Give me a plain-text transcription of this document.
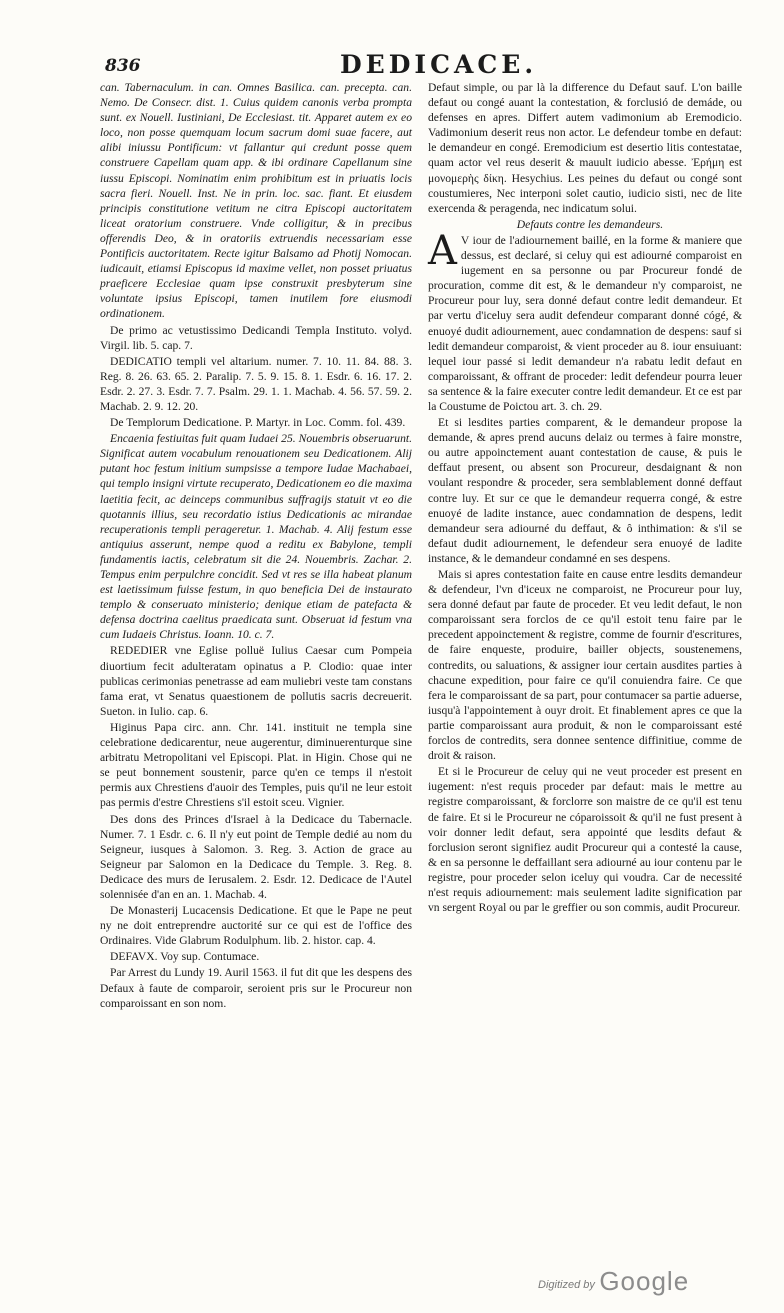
836	DEDICACE.

can. Tabernaculum. in can. Omnes Basilica. can. precepta. can. Nemo. De Consecr. dist. 1. Cuius quidem canonis verba prompta sunt. ex Nouell. Iustiniani, De Ecclesiast. tit. Apparet autem ex eo loco, non posse quemquam locum sacrum domi suae facere, aut alibi iniussu Pontificum: vt fallantur qui credunt posse quem construere Capellam quam app. & ibi ordinare Capellanum sine iussu Episcopi. Nominatim enim prohibitum est in priuatis locis sacra fieri. Nouell. Inst. Ne in prin. loc. sac. fiant. Et eiusdem principis constitutione vetitum ne citra Episcopi auctoritatem liceat oratorium construere. Vnde colligitur, & in precibus offerendis Deo, & in oratoriis extruendis necessariam esse Pontificis auctoritatem. Recte igitur Balsamo ad Photij Nomocan. iudicauit, etiamsi Episcopus id maxime vellet, non posset priuatus praeficere Ecclesiae quam ipse construxit presbyterum sine voluntate ipsius Episcopi, tamen inutilem fore eiusmodi ordinationem.

De primo ac vetustissimo Dedicandi Templa Instituto. volyd. Virgil. lib. 5. cap. 7.

DEDICATIO templi vel altarium. numer. 7. 10. 11. 84. 88. 3. Reg. 8. 26. 63. 65. 2. Paralip. 7. 5. 9. 15. 8. 1. Esdr. 6. 16. 17. 2. Esdr. 2. 27. 3. Esdr. 7. 7. Psalm. 29. 1. 1. Machab. 4. 56. 57. 59. 2. Machab. 2. 9. 12. 20.

De Templorum Dedicatione. P. Martyr. in Loc. Comm. fol. 439.

Encaenia festiuitas fuit quam Iudaei 25. Nouembris obseruarunt. Significat autem vocabulum renouationem seu Dedicationem. Alij putant hoc festum initium sumpsisse a tempore Iudae Machabaei, qui templo insigni virtute recuperato, Dedicationem eo die maxima laetitia fecit, ac deinceps communibus suffragijs statuit vt eo die quotannis illius, seu recordatio istius Dedicationis ac mirandae recuperationis templi perageretur. 1. Machab. 4. Alij festum esse antiquius asserunt, nempe quod a reditu ex Babylone, templi fundamentis iactis, celebratum sit die 24. Nouembris. Zachar. 2. Tempus enim perpulchre concidit. Sed vt res se illa habeat planum est laetissimum fuisse festum, in quo beneficia Dei de instaurato templo & conseruato ministerio; denique etiam de patefacta & defensa doctrina caelitus praedicata sunt. Obseruat id festum vna cum Iudaeis Christus. Ioann. 10. c. 7.

REDEDIER vne Eglise polluë Iulius Caesar cum Pompeia diuortium fecit adulteratam opinatus a P. Clodio: quae inter publicas cerimonias penetrasse ad eam muliebri veste tam constans fama erat, vt Senatus quaestionem de pollutis sacris decreuerit. Sueton. in Iulio. cap. 6.

Higinus Papa circ. ann. Chr. 141. instituit ne templa sine celebratione dedicarentur, neue augerentur, diminuerenturque sine arbitratu Metropolitani vel Episcopi. Plat. in Higin. Chose qui ne se peut bonnement soustenir, parce qu'en ce temps il n'estoit permis aux Chrestiens d'auoir des Temples, puis qu'il ne leur estoit pas permis d'estre Chrestiens s'il estoit sceu. Vignier.

Des dons des Princes d'Israel à la Dedicace du Tabernacle. Numer. 7. 1 Esdr. c. 6. Il n'y eut point de Temple dedié au nom du Seigneur, iusques à Salomon. 3. Reg. 3. Action de grace au Seigneur par Salomon en la Dedicace du Temple. 3. Reg. 8. Dedicace des murs de Ierusalem. 2. Esdr. 12. Dedicace de l'Autel solennisée d'an en an. 1. Machab. 4.

De Monasterij Lucacensis Dedicatione. Et que le Pape ne peut ny ne doit entreprendre auctorité sur ce qui est de l'office des Ordinaires. Vide Glabrum Rodulphum. lib. 2. histor. cap. 4.

DEFAVX. Voy sup. Contumace.

Par Arrest du Lundy 19. Auril 1563. il fut dit que les despens des Defaux à faute de comparoir, seroient pris sur le Procureur non comparoissant en son nom.

Defaut simple, ou par là la difference du Defaut sauf. L'on baille defaut ou congé auant la contestation, & forclusió de demáde, ou defenses en apres. Differt autem vadimonium ab Eremodicio. Vadimonium deserit reus non actor. Le defendeur tombe en defaut: le demandeur en congé. Eremodicium est desertio litis contestatae, quam actor vel reus deserit & mauult iudicio abesse. Ἐρήμη est μονομερὴς δίκη. Hesychius. Les peines du defaut ou congé sont coustumieres, Nec interponi solet cautio, iudicio sisti, nec de lite exercenda & peragenda, nec indicatum solui.

Defauts contre les demandeurs.

A V iour de l'adiournement baillé, en la forme & maniere que dessus, est declaré, si celuy qui est adiourné comparoist en iugement en sa personne ou par Procureur fondé de procuration, comme dit est, & le demandeur n'y comparoist, ne Procureur pour luy, sera donné defaut contre ledit demandeur. Et par vertu d'iceluy sera audit defendeur comparant donné cógé, & enuoyé dudit adiournement, auec condamnation de despens: sauf si ledit demandeur comparoist, & vient proceder au 8. iour ensuiuant: lequel iour passé si ledit demandeur n'a rabatu ledit defaut en comparoissant, & offrant de proceder: ledit defendeur pourra leuer sa sentence & la faire executer contre ledit demandeur. Et ce est par la Coustume de Poictou art. 3. ch. 29.

Et si lesdites parties comparent, & le demandeur propose la demande, & apres prend aucuns delaiz ou termes à faire monstre, ou autre appoinctement auant contestation de cause, & puis le deffaut present, ou absent son Procureur, desdaignant & non voulant respondre & proceder, sera semblablement donné deffaut contre luy. Et sur ce que le demandeur requerra congé, & estre enuoyé de ladite instance, auec condamnation de despens, ledit demandeur sera adiourné du deffaut, & ô inthimation: & s'il se defaut dudit adiournement, le defendeur sera enuoyé de ladite instance, & le demandeur condamné en ses despens.

Mais si apres contestation faite en cause entre lesdits demandeur & defendeur, l'vn d'iceux ne comparoist, ne Procureur pour luy, sera donné defaut par faute de proceder. Et veu ledit defaut, le non comparoissant sera forclos de ce qu'il estoit tenu faire par le precedent appoinctement & registre, comme de fournir d'escritures, de faire enqueste, produire, bailler objects, soustenemens, contredits, ou saluations, & assigner iour certain ausdites parties à chacune expedition, pour faire ce qu'il conuiendra faire. Ce que fera le comparoissant de sa part, pour contumacer sa partie aduerse, iusqu'à l'appointement à ouyr droit. Et finablement apres ce que la partie comparoissant aura produit, & non le comparoissant esté forclos de contredits, sera donnee sentence diffinitiue, comme de droit & raison.

Et si le Procureur de celuy qui ne veut proceder est present en iugement: n'est requis proceder par defaut: mais le mettre au registre comparoissant, & forclorre son maistre de ce qu'il est tenu de faire. Et si le Procureur ne cóparoissoit & qu'il ne fust present à voir donner ledit defaut, sera appointé que lesdits defaut & forclusion seront signifiez audit Procureur qui a contesté la cause, & en sa personne le deffaillant sera adiourné au iour contenu par le registre, pour proceder selon iceluy qui voudra. Car de necessité n'est requis adiournement: mais seulement ladite signification par vn sergent Royal ou par le greffier ou son commis, audit Procureur.

Digitized by Google
